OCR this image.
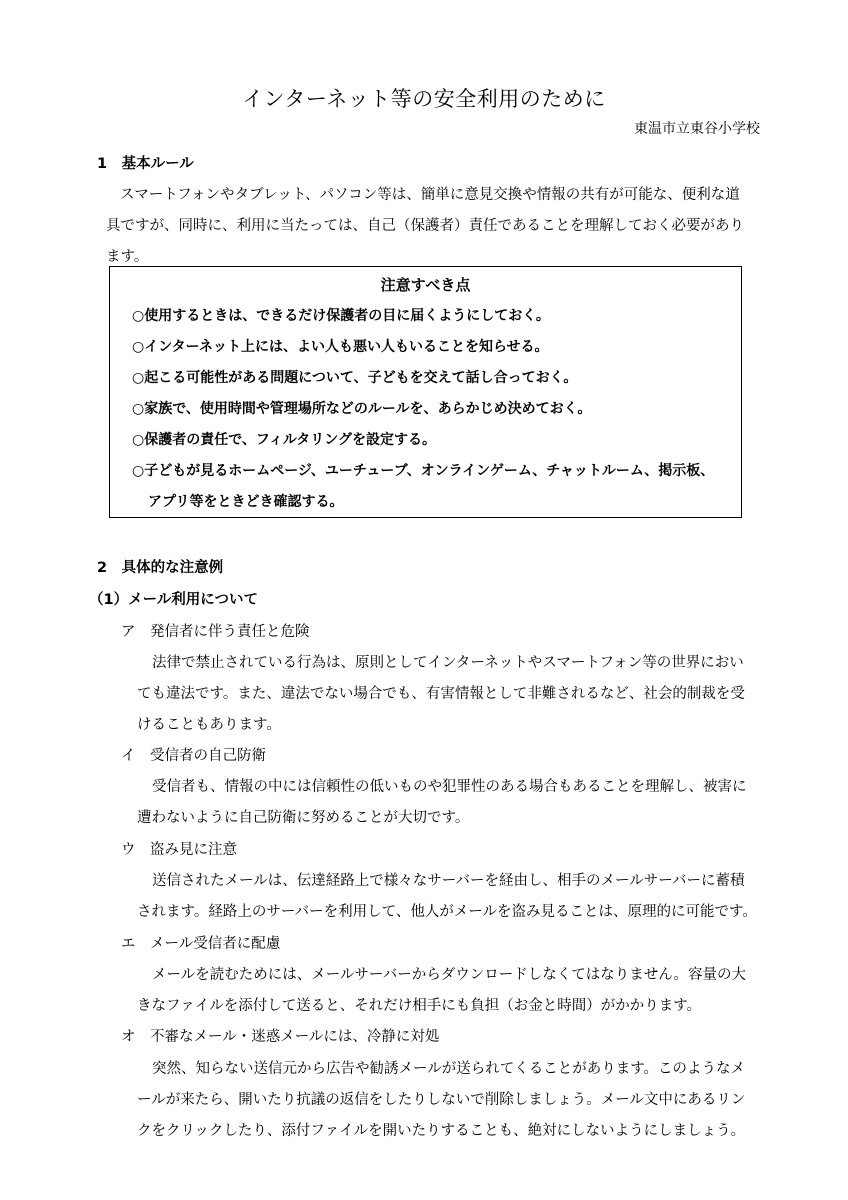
インターネット等の安全利用のために
東温市立東谷小学校
1　基本ルール
スマートフォンやタブレット、パソコン等は、簡単に意見交換や情報の共有が可能な、便利な道
具ですが、同時に、利用に当たっては、自己（保護者）責任であることを理解しておく必要があり
ます。
注意すべき点
○使用するときは、できるだけ保護者の目に届くようにしておく。
○インターネット上には、よい人も悪い人もいることを知らせる。
○起こる可能性がある問題について、子どもを交えて話し合っておく。
○家族で、使用時間や管理場所などのルールを、あらかじめ決めておく。
○保護者の責任で、フィルタリングを設定する。
○子どもが見るホームページ、ユーチューブ、オンラインゲーム、チャットルーム、掲示板、
アプリ等をときどき確認する。
2　具体的な注意例
（1）メール利用について
ア　発信者に伴う責任と危険
法律で禁止されている行為は、原則としてインターネットやスマートフォン等の世界におい
ても違法です。また、違法でない場合でも、有害情報として非難されるなど、社会的制裁を受
けることもあります。
イ　受信者の自己防衛
受信者も、情報の中には信頼性の低いものや犯罪性のある場合もあることを理解し、被害に
遭わないように自己防衛に努めることが大切です。
ウ　盗み見に注意
送信されたメールは、伝達経路上で様々なサーバーを経由し、相手のメールサーバーに蓄積
されます。経路上のサーバーを利用して、他人がメールを盗み見ることは、原理的に可能です。
エ　メール受信者に配慮
メールを読むためには、メールサーバーからダウンロードしなくてはなりません。容量の大
きなファイルを添付して送ると、それだけ相手にも負担（お金と時間）がかかります。
オ　不審なメール・迷惑メールには、冷静に対処
突然、知らない送信元から広告や勧誘メールが送られてくることがあります。このようなメ
ールが来たら、開いたり抗議の返信をしたりしないで削除しましょう。メール文中にあるリン
クをクリックしたり、添付ファイルを開いたりすることも、絶対にしないようにしましょう。
